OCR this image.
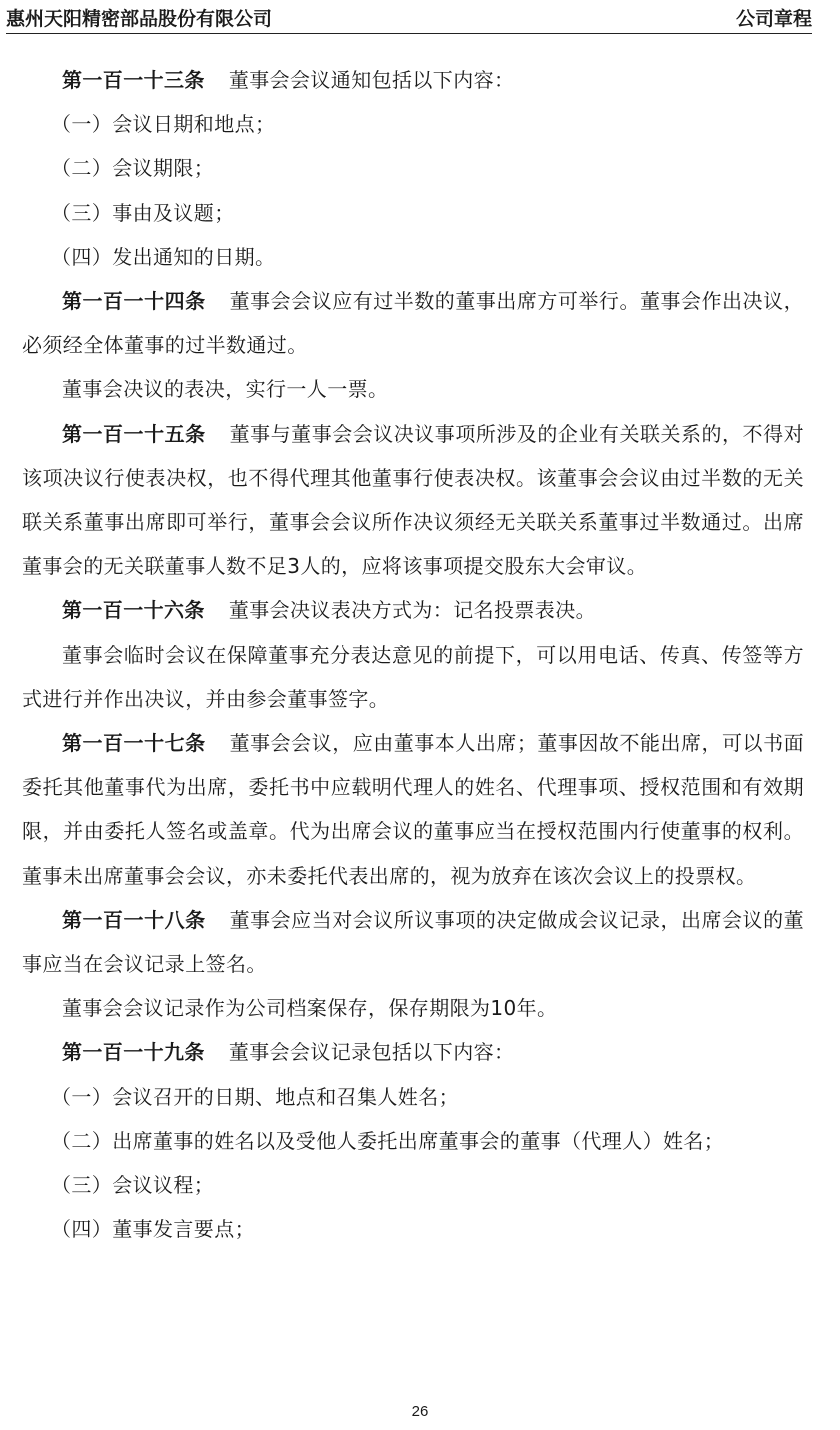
惠州天阳精密部品股份有限公司	公司章程

第一百一十三条 董事会会议通知包括以下内容：

（一）会议日期和地点；

（二）会议期限；

（三）事由及议题；

（四）发出通知的日期。

第一百一十四条 董事会会议应有过半数的董事出席方可举行。董事会作出决议，必须经全体董事的过半数通过。

董事会决议的表决，实行一人一票。

第一百一十五条 董事与董事会会议决议事项所涉及的企业有关联关系的，不得对该项决议行使表决权，也不得代理其他董事行使表决权。该董事会会议由过半数的无关联关系董事出席即可举行，董事会会议所作决议须经无关联关系董事过半数通过。出席董事会的无关联董事人数不足3人的，应将该事项提交股东大会审议。

第一百一十六条 董事会决议表决方式为：记名投票表决。

董事会临时会议在保障董事充分表达意见的前提下，可以用电话、传真、传签等方式进行并作出决议，并由参会董事签字。

第一百一十七条 董事会会议，应由董事本人出席；董事因故不能出席，可以书面委托其他董事代为出席，委托书中应载明代理人的姓名、代理事项、授权范围和有效期限，并由委托人签名或盖章。代为出席会议的董事应当在授权范围内行使董事的权利。董事未出席董事会会议，亦未委托代表出席的，视为放弃在该次会议上的投票权。

第一百一十八条 董事会应当对会议所议事项的决定做成会议记录，出席会议的董事应当在会议记录上签名。

董事会会议记录作为公司档案保存，保存期限为10年。

第一百一十九条 董事会会议记录包括以下内容：

（一）会议召开的日期、地点和召集人姓名；

（二）出席董事的姓名以及受他人委托出席董事会的董事（代理人）姓名；

（三）会议议程；

（四）董事发言要点；

26
